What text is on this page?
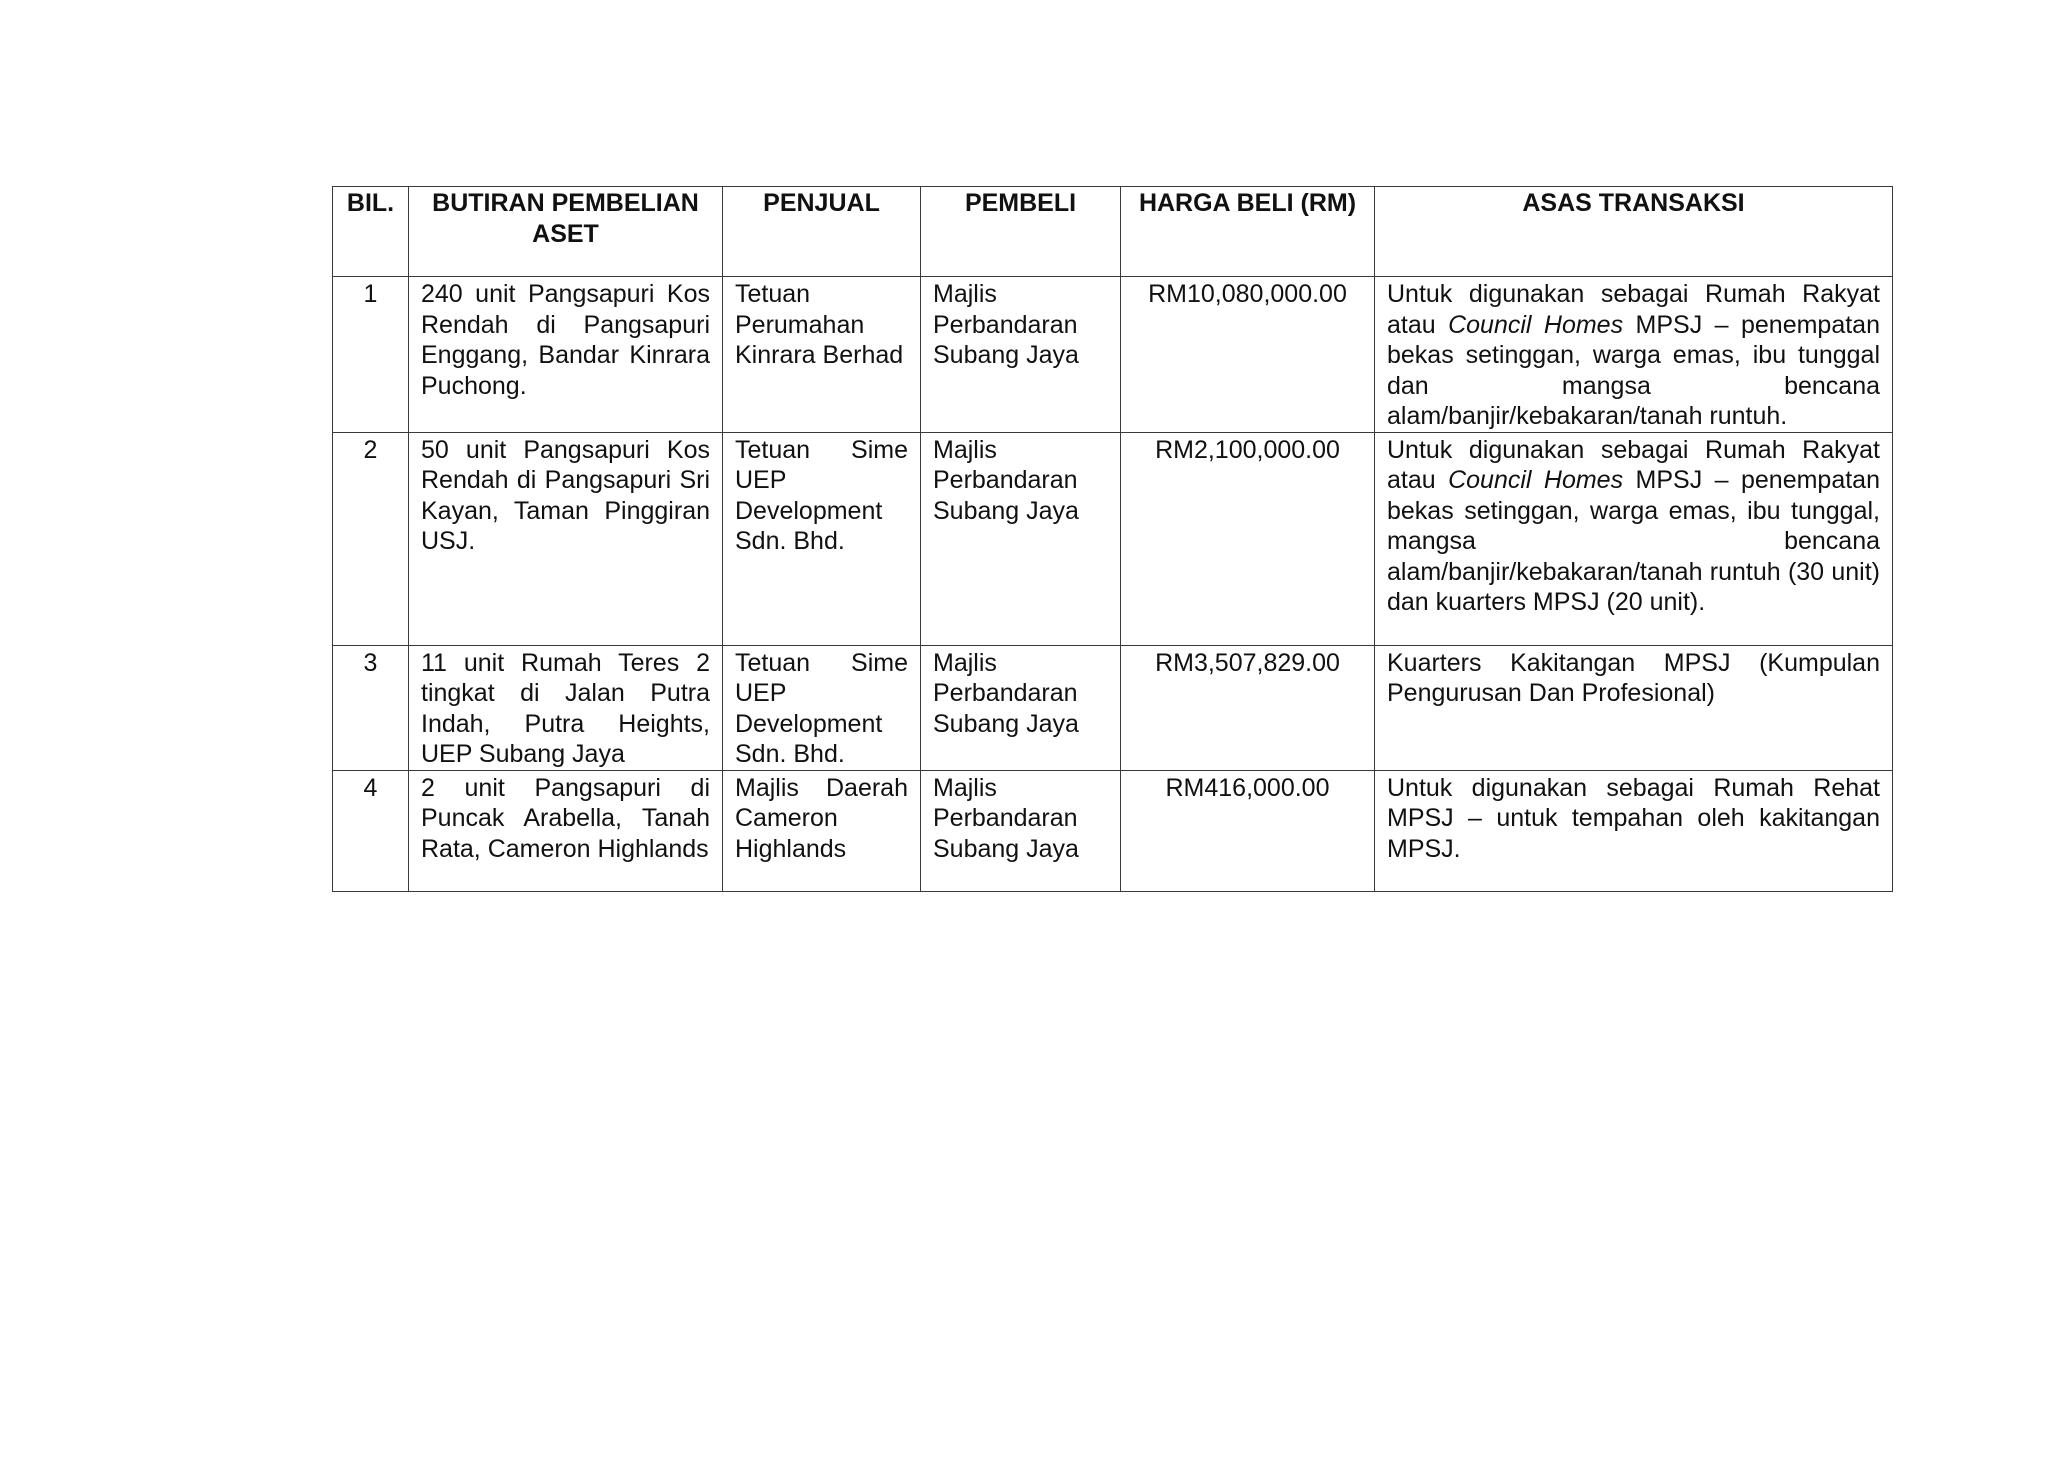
BIL.	BUTIRAN PEMBELIAN ASET	PENJUAL	PEMBELI	HARGA BELI (RM)	ASAS TRANSAKSI
1	240 unit Pangsapuri Kos Rendah di Pangsapuri Enggang, Bandar Kinrara Puchong.	Tetuan Perumahan Kinrara Berhad	Majlis Perbandaran Subang Jaya	RM10,080,000.00	Untuk digunakan sebagai Rumah Rakyat atau Council Homes MPSJ – penempatan bekas setinggan, warga emas, ibu tunggal dan mangsa bencana alam/banjir/kebakaran/tanah runtuh.
2	50 unit Pangsapuri Kos Rendah di Pangsapuri Sri Kayan, Taman Pinggiran USJ.	Tetuan Sime UEP Development Sdn. Bhd.	Majlis Perbandaran Subang Jaya	RM2,100,000.00	Untuk digunakan sebagai Rumah Rakyat atau Council Homes MPSJ – penempatan bekas setinggan, warga emas, ibu tunggal, mangsa bencana alam/banjir/kebakaran/tanah runtuh (30 unit) dan kuarters MPSJ (20 unit).
3	11 unit Rumah Teres 2 tingkat di Jalan Putra Indah, Putra Heights, UEP Subang Jaya	Tetuan Sime UEP Development Sdn. Bhd.	Majlis Perbandaran Subang Jaya	RM3,507,829.00	Kuarters Kakitangan MPSJ (Kumpulan Pengurusan Dan Profesional)
4	2 unit Pangsapuri di Puncak Arabella, Tanah Rata, Cameron Highlands	Majlis Daerah Cameron Highlands	Majlis Perbandaran Subang Jaya	RM416,000.00	Untuk digunakan sebagai Rumah Rehat MPSJ – untuk tempahan oleh kakitangan MPSJ.
